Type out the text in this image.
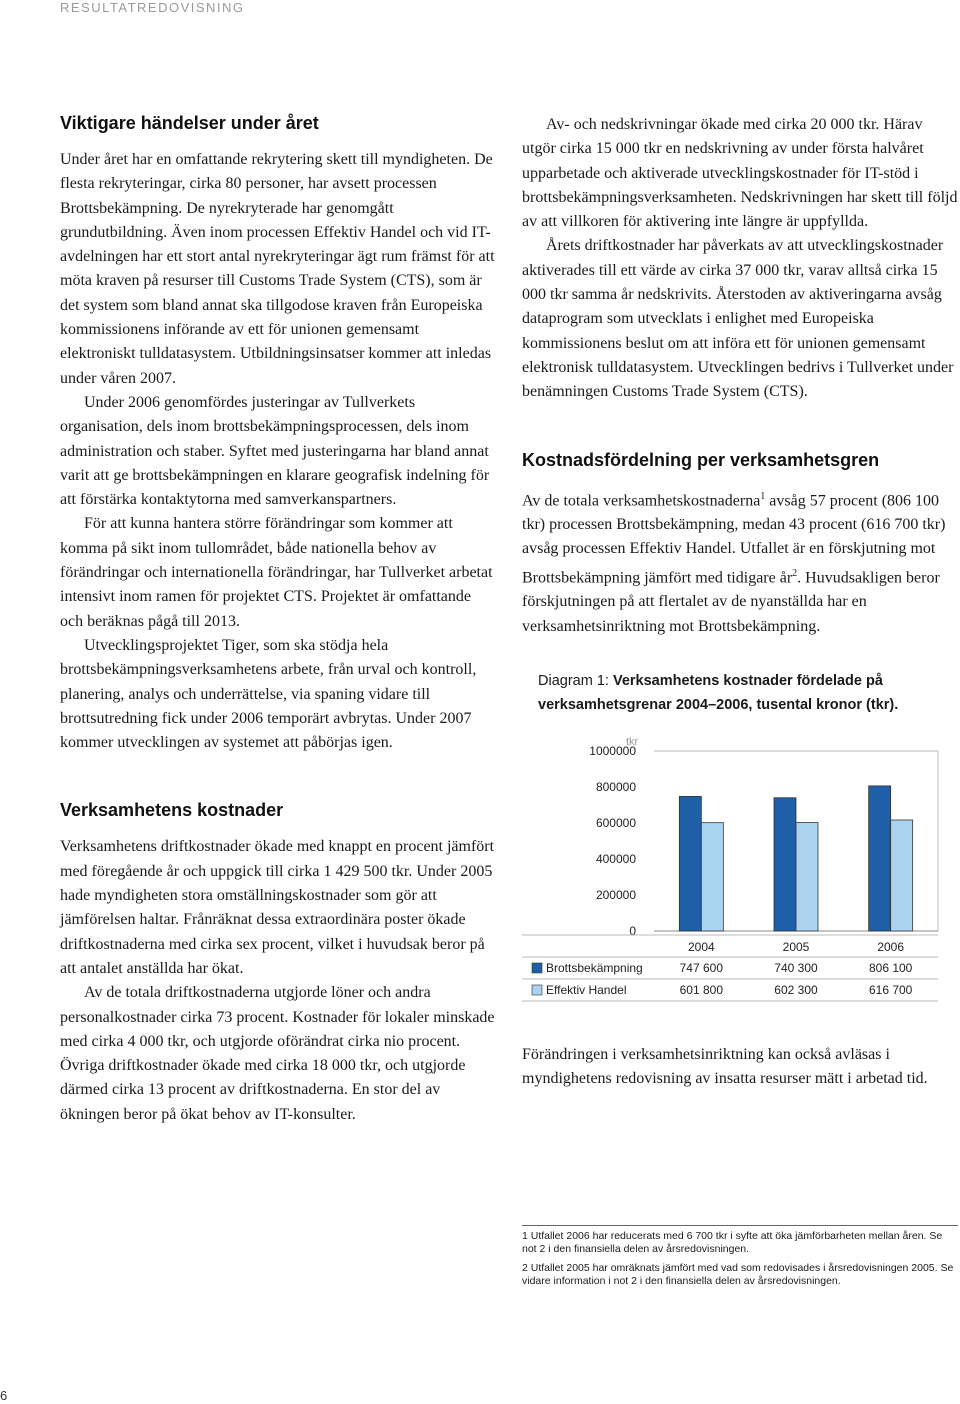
RESULTATREDOVISNING
Viktigare händelser under året

Under året har en omfattande rekrytering skett till myndigheten. De flesta rekryteringar, cirka 80 personer, har avsett processen Brottsbekämpning. De nyrekryterade har genomgått grundutbildning. Även inom processen Effektiv Handel och vid IT-avdelningen har ett stort antal nyrekryteringar ägt rum främst för att möta kraven på resurser till Customs Trade System (CTS), som är det system som bland annat ska tillgodose kraven från Europeiska kommissionens införande av ett för unionen gemensamt elektroniskt tulldatasystem. Utbildningsinsatser kommer att inledas under våren 2007.

Under 2006 genomfördes justeringar av Tullverkets organisation, dels inom brottsbekämpningsprocessen, dels inom administration och staber. Syftet med justeringarna har bland annat varit att ge brottsbekämpningen en klarare geografisk indelning för att förstärka kontaktytorna med samverkanspartners.

För att kunna hantera större förändringar som kommer att komma på sikt inom tullområdet, både nationella behov av förändringar och internationella förändringar, har Tullverket arbetat intensivt inom ramen för projektet CTS. Projektet är omfattande och beräknas pågå till 2013.

Utvecklingsprojektet Tiger, som ska stödja hela brottsbekämpningsverksamhetens arbete, från urval och kontroll, planering, analys och underrättelse, via spaning vidare till brottsutredning fick under 2006 temporärt avbrytas. Under 2007 kommer utvecklingen av systemet att påbörjas igen.

Verksamhetens kostnader

Verksamhetens driftkostnader ökade med knappt en procent jämfört med föregående år och uppgick till cirka 1 429 500 tkr. Under 2005 hade myndigheten stora omställningskostnader som gör att jämförelsen haltar. Frånräknat dessa extraordinära poster ökade driftkostnaderna med cirka sex procent, vilket i huvudsak beror på att antalet anställda har ökat.

Av de totala driftkostnaderna utgjorde löner och andra personalkostnader cirka 73 procent. Kostnader för lokaler minskade med cirka 4 000 tkr, och utgjorde oförändrat cirka nio procent. Övriga driftkostnader ökade med cirka 18 000 tkr, och utgjorde därmed cirka 13 procent av driftkostnaderna. En stor del av ökningen beror på ökat behov av IT-konsulter.

Av- och nedskrivningar ökade med cirka 20 000 tkr. Härav utgör cirka 15 000 tkr en nedskrivning av under första halvåret upparbetade och aktiverade utvecklingskostnader för IT-stöd i brottsbekämpningsverksamheten. Nedskrivningen har skett till följd av att villkoren för aktivering inte längre är uppfyllda.

Årets driftkostnader har påverkats av att utvecklingskostnader aktiverades till ett värde av cirka 37 000 tkr, varav alltså cirka 15 000 tkr samma år nedskrivits. Återstoden av aktiveringarna avsåg dataprogram som utvecklats i enlighet med Europeiska kommissionens beslut om att införa ett för unionen gemensamt elektronisk tulldatasystem. Utvecklingen bedrivs i Tullverket under benämningen Customs Trade System (CTS).

Kostnadsfördelning per verksamhetsgren

Av de totala verksamhetskostnaderna$^1$ avsåg 57 procent (806 100 tkr) processen Brottsbekämpning, medan 43 procent (616 700 tkr) avsåg processen Effektiv Handel. Utfallet är en förskjutning mot Brottsbekämpning jämfört med tidigare $år^2$. Huvudsakligen beror förskjutningen på att flertalet av de nyanställda har en verksamhetsinriktning mot Brottsbekämpning.

Diagram 1: Verksamhetens kostnader fördelade på verksamhetsgrenar 2004–2006, tusental kronor (tkr).
tkr
0
200000
400000
600000
800000
1000000
2004	2005	2006
Brottsbekämpning	747 600	740 300	806 100
Effektiv Handel	601 800	602 300	616 700

Förändringen i verksamhetsinriktning kan också avläsas i myndighetens redovisning av insatta resurser mätt i arbetad tid.

1 Utfallet 2006 har reducerats med 6 700 tkr i syfte att öka jämförbarheten mellan åren. Se not 2 i den finansiella delen av årsredovisningen.
2 Utfallet 2005 har omräknats jämfört med vad som redovisades i årsredovisningen 2005. Se vidare information i not 2 i den finansiella delen av årsredovisningen.
6
